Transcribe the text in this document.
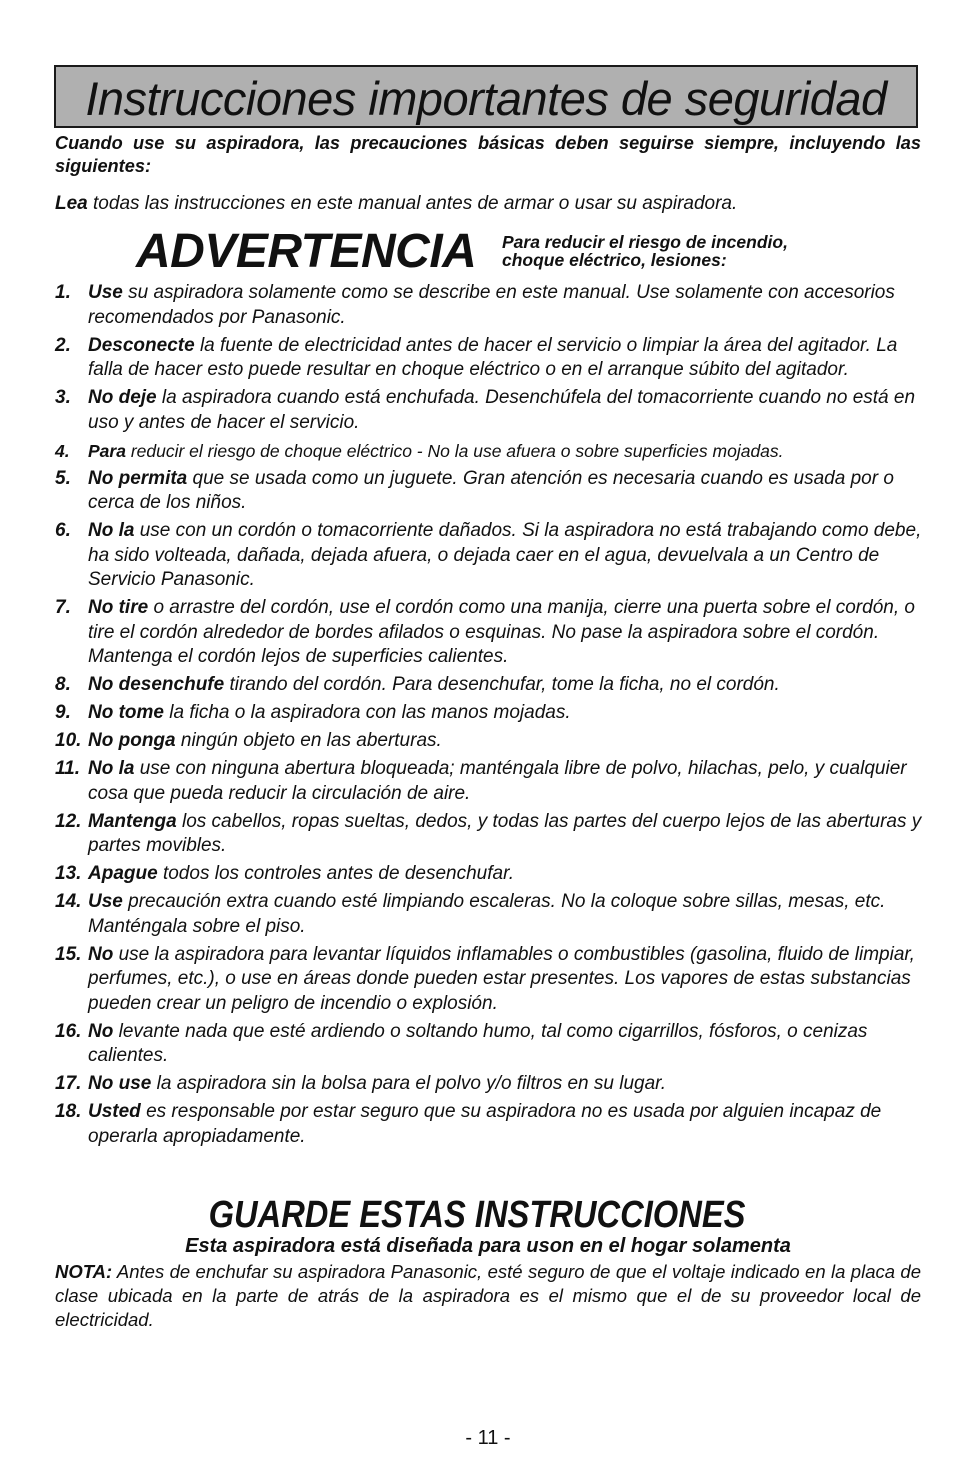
Instrucciones importantes de seguridad
Cuando use su aspiradora, las precauciones básicas deben seguirse siempre, incluyendo las siguientes:
Lea todas las instrucciones en este manual antes de armar o usar su aspiradora.
ADVERTENCIA Para reducir el riesgo de incendio,
choque eléctrico, lesiones:
1. Use su aspiradora solamente como se describe en este manual. Use solamente con accesorios recomendados por Panasonic.
2. Desconecte la fuente de electricidad antes de hacer el servicio o limpiar la área del agitador. La falla de hacer esto puede resultar en choque eléctrico o en el arranque súbito del agitador.
3. No deje la aspiradora cuando está enchufada. Desenchúfela del tomacorriente cuando no está en uso y antes de hacer el servicio.
4. Para reducir el riesgo de choque eléctrico - No la use afuera o sobre superficies mojadas.
5. No permita que se usada como un juguete. Gran atención es necesaria cuando es usada por o cerca de los niños.
6. No la use con un cordón o tomacorriente dañados. Si la aspiradora no está trabajando como debe, ha sido volteada, dañada, dejada afuera, o dejada caer en el agua, devuelvala a un Centro de Servicio Panasonic.
7. No tire o arrastre del cordón, use el cordón como una manija, cierre una puerta sobre el cordón, o tire el cordón alrededor de bordes afilados o esquinas. No pase la aspiradora sobre el cordón. Mantenga el cordón lejos de superficies calientes.
8. No desenchufe tirando del cordón. Para desenchufar, tome la ficha, no el cordón.
9. No tome la ficha o la aspiradora con las manos mojadas.
10. No ponga ningún objeto en las aberturas.
11. No la use con ninguna abertura bloqueada; manténgala libre de polvo, hilachas, pelo, y cualquier cosa que pueda reducir la circulación de aire.
12. Mantenga los cabellos, ropas sueltas, dedos, y todas las partes del cuerpo lejos de las aberturas y partes movibles.
13. Apague todos los controles antes de desenchufar.
14. Use precaución extra cuando esté limpiando escaleras. No la coloque sobre sillas, mesas, etc. Manténgala sobre el piso.
15. No use la aspiradora para levantar líquidos inflamables o combustibles (gasolina, fluido de limpiar, perfumes, etc.), o use en áreas donde pueden estar presentes. Los vapores de estas substancias pueden crear un peligro de incendio o explosión.
16. No levante nada que esté ardiendo o soltando humo, tal como cigarrillos, fósforos, o cenizas calientes.
17. No use la aspiradora sin la bolsa para el polvo y/o filtros en su lugar.
18. Usted es responsable por estar seguro que su aspiradora no es usada por alguien incapaz de operarla apropiadamente.
GUARDE ESTAS INSTRUCCIONES
Esta aspiradora está diseñada para uson en el hogar solamenta
NOTA: Antes de enchufar su aspiradora Panasonic, esté seguro de que el voltaje indicado en la placa de clase ubicada en la parte de atrás de la aspiradora es el mismo que el de su proveedor local de electricidad.
- 11 -
